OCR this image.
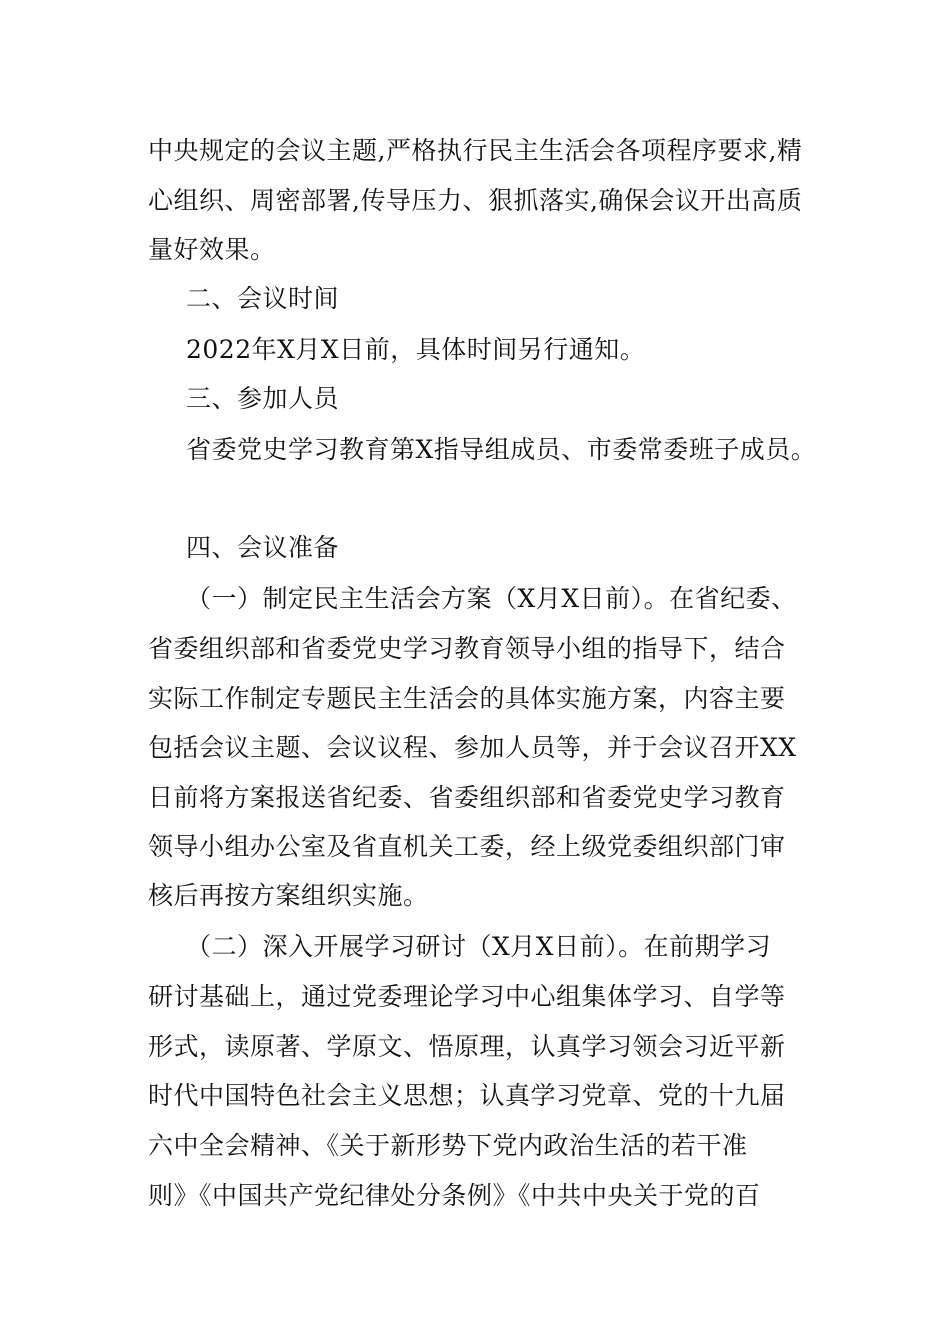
中央规定的会议主题,严格执行民主生活会各项程序要求,精
心组织、周密部署,传导压力、狠抓落实,确保会议开出高质
量好效果。
二、会议时间
2022年X月X日前，具体时间另行通知。
三、参加人员
省委党史学习教育第X指导组成员、市委常委班子成员。
四、会议准备
（一）制定民主生活会方案（X月X日前）。在省纪委、
省委组织部和省委党史学习教育领导小组的指导下，结合
实际工作制定专题民主生活会的具体实施方案，内容主要
包括会议主题、会议议程、参加人员等，并于会议召开XX
日前将方案报送省纪委、省委组织部和省委党史学习教育
领导小组办公室及省直机关工委，经上级党委组织部门审
核后再按方案组织实施。
（二）深入开展学习研讨（X月X日前）。在前期学习
研讨基础上，通过党委理论学习中心组集体学习、自学等
形式，读原著、学原文、悟原理，认真学习领会习近平新
时代中国特色社会主义思想；认真学习党章、党的十九届
六中全会精神、《关于新形势下党内政治生活的若干准
则》《中国共产党纪律处分条例》《中共中央关于党的百
